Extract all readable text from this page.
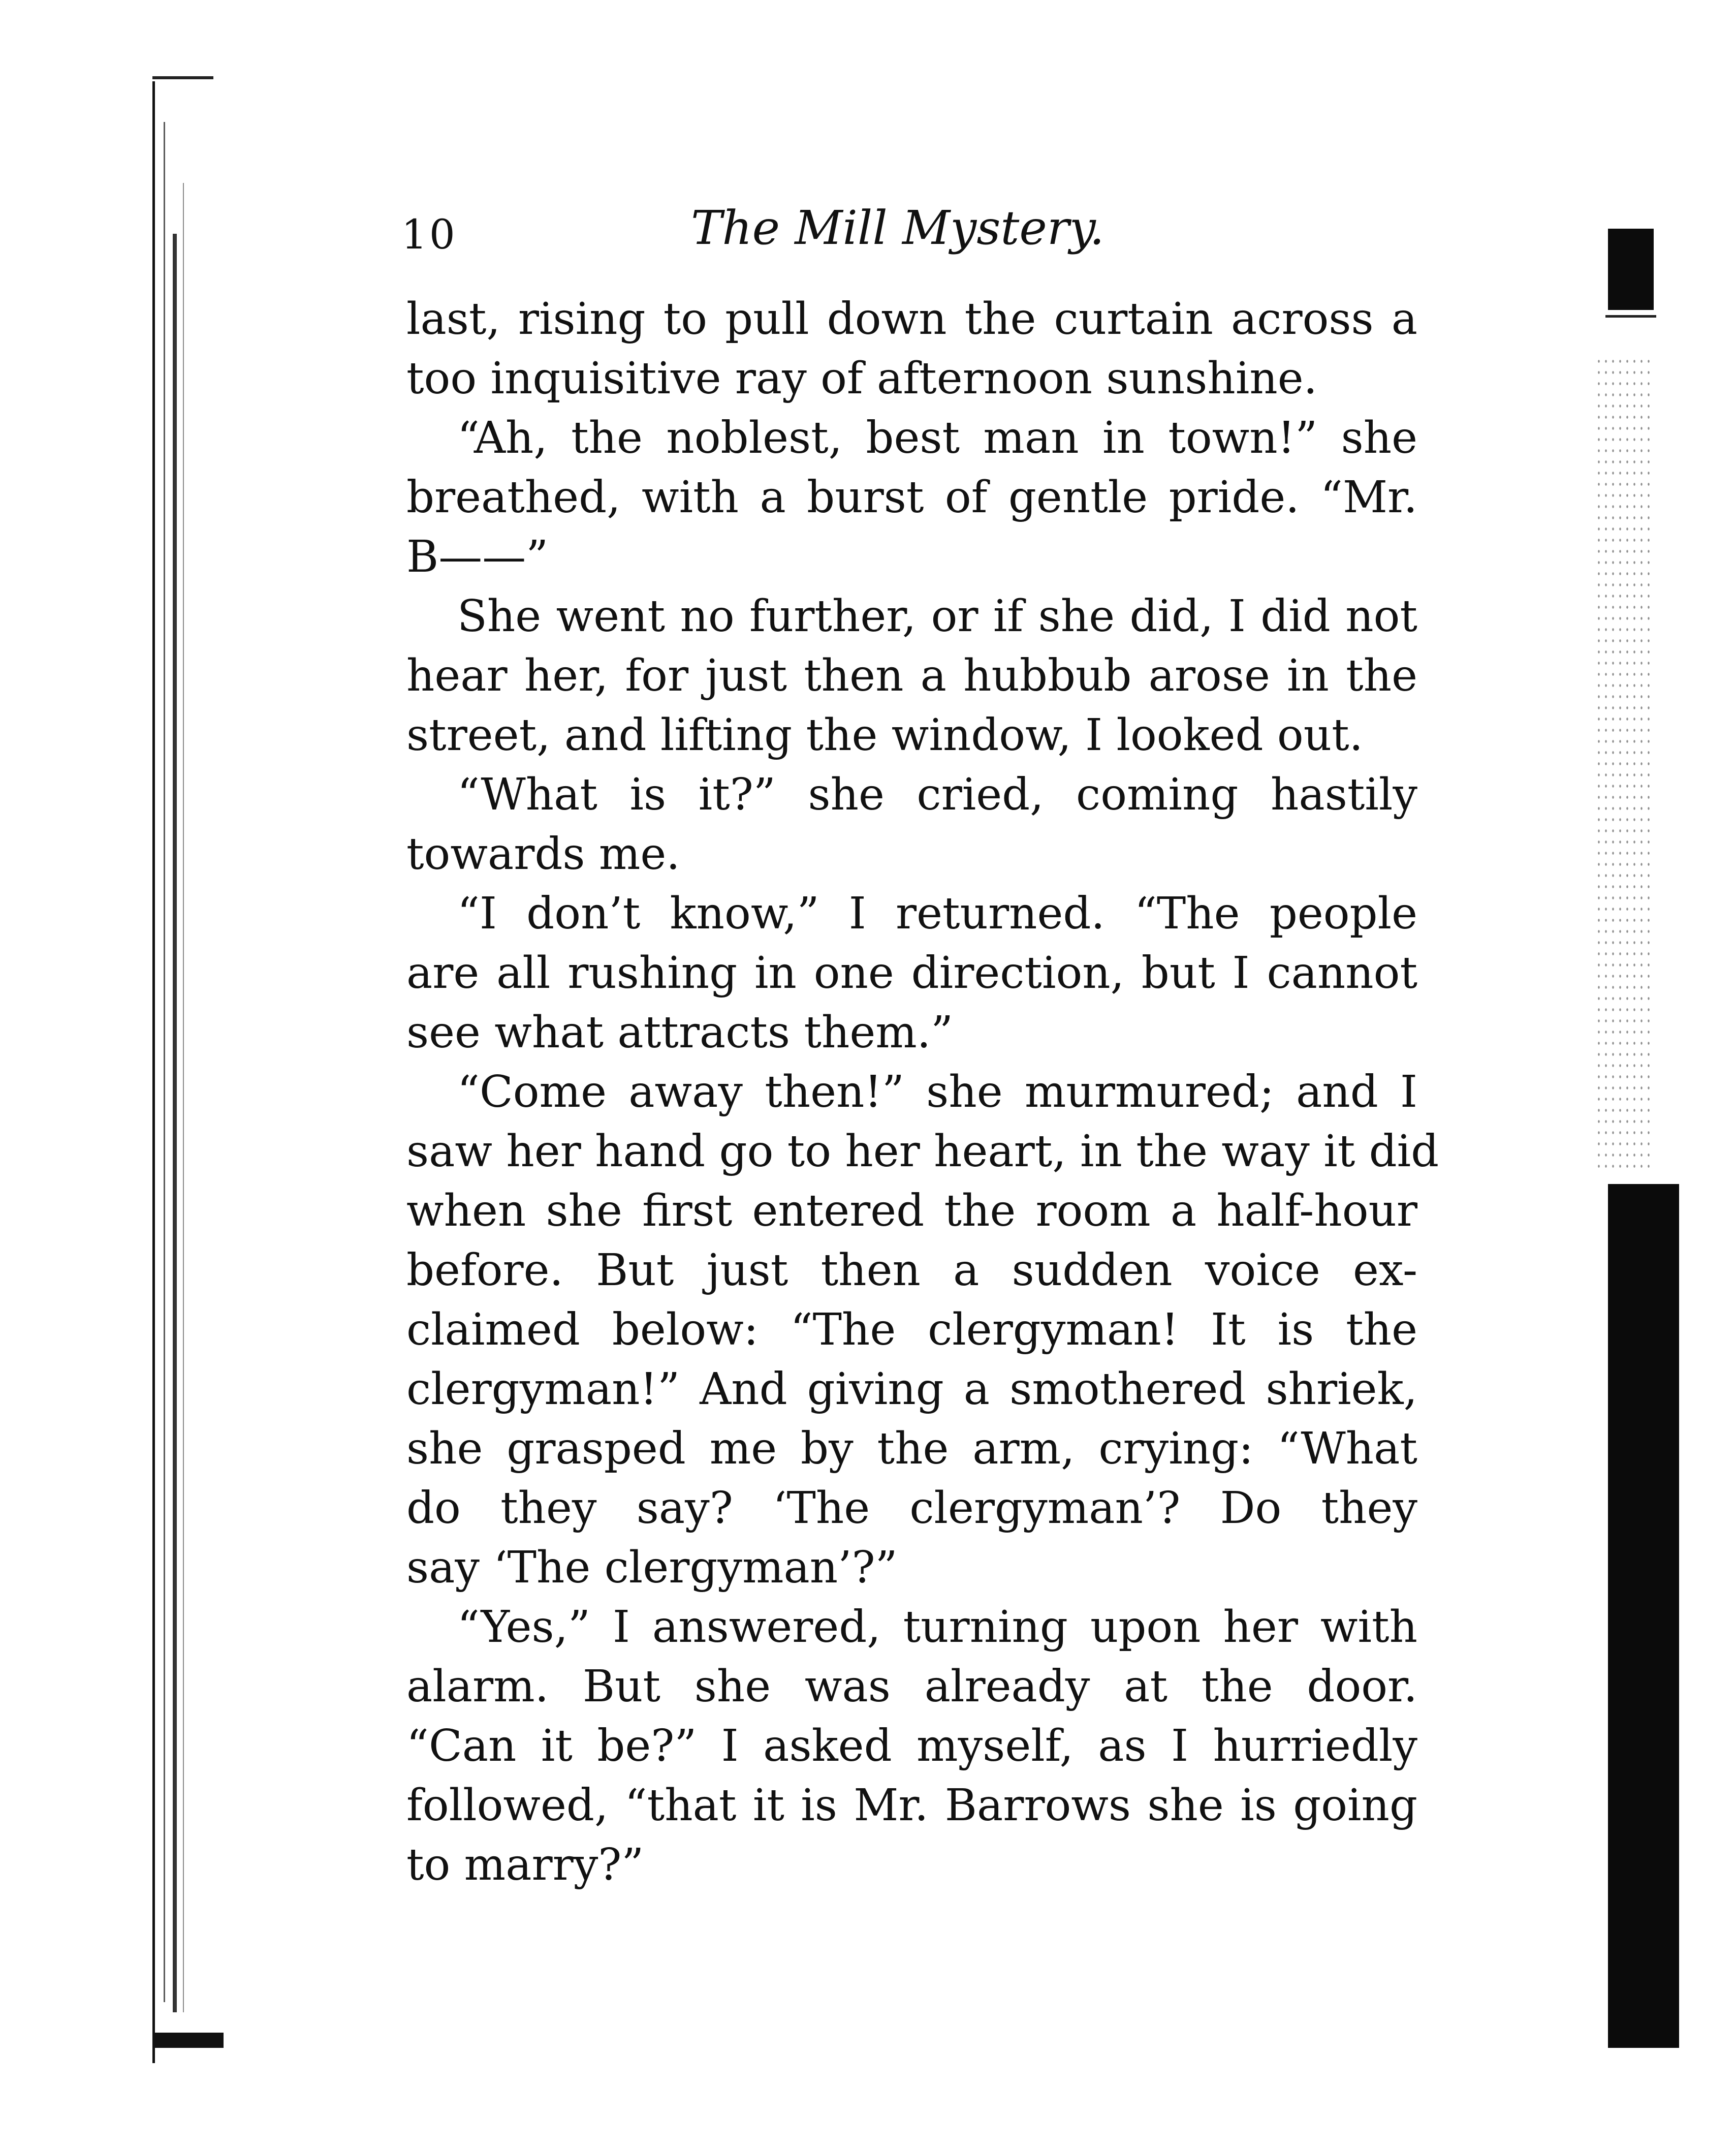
10	The Mill Mystery.
last, rising to pull down the curtain across a
too inquisitive ray of afternoon sunshine.
“Ah, the noblest, best man in town!” she
breathed, with a burst of gentle pride. “Mr.
B——”
She went no further, or if she did, I did not
hear her, for just then a hubbub arose in the
street, and lifting the window, I looked out.
“What is it?” she cried, coming hastily
towards me.
“I don’t know,” I returned. “The people
are all rushing in one direction, but I cannot
see what attracts them.”
“Come away then!” she murmured; and I
saw her hand go to her heart, in the way it did
when she first entered the room a half-hour
before. But just then a sudden voice ex-
claimed below: “The clergyman! It is the
clergyman!” And giving a smothered shriek,
she grasped me by the arm, crying: “What
do they say? ‘The clergyman’? Do they
say ‘The clergyman’?”
“Yes,” I answered, turning upon her with
alarm. But she was already at the door.
“Can it be?” I asked myself, as I hurriedly
followed, “that it is Mr. Barrows she is going
to marry?”
